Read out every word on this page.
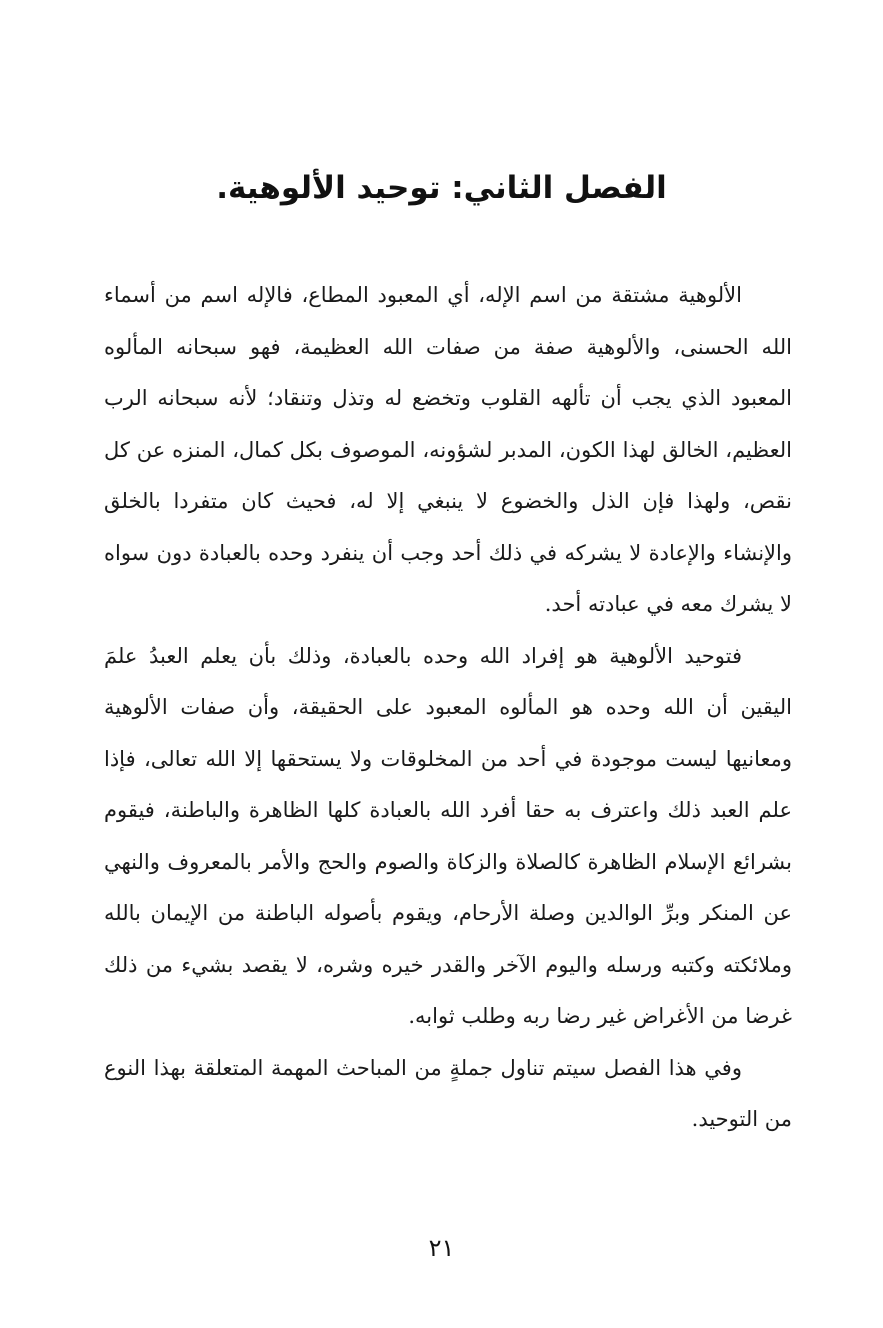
الفصل الثاني: توحيد الألوهية.

الألوهية مشتقة من اسم الإله، أي المعبود المطاع، فالإله اسم من أسماء الله الحسنى، والألوهية صفة من صفات الله العظيمة، فهو سبحانه المألوه المعبود الذي يجب أن تألهه القلوب وتخضع له وتذل وتنقاد؛ لأنه سبحانه الرب العظيم، الخالق لهذا الكون، المدبر لشؤونه، الموصوف بكل كمال، المنزه عن كل نقص، ولهذا فإن الذل والخضوع لا ينبغي إلا له، فحيث كان متفردا بالخلق والإنشاء والإعادة لا يشركه في ذلك أحد وجب أن ينفرد وحده بالعبادة دون سواه لا يشرك معه في عبادته أحد.

فتوحيد الألوهية هو إفراد الله وحده بالعبادة، وذلك بأن يعلم العبدُ علمَ اليقين أن الله وحده هو المألوه المعبود على الحقيقة، وأن صفات الألوهية ومعانيها ليست موجودة في أحد من المخلوقات ولا يستحقها إلا الله تعالى، فإذا علم العبد ذلك واعترف به حقا أفرد الله بالعبادة كلها الظاهرة والباطنة، فيقوم بشرائع الإسلام الظاهرة كالصلاة والزكاة والصوم والحج والأمر بالمعروف والنهي عن المنكر وبرِّ الوالدين وصلة الأرحام، ويقوم بأصوله الباطنة من الإيمان بالله وملائكته وكتبه ورسله واليوم الآخر والقدر خيره وشره، لا يقصد بشيء من ذلك غرضا من الأغراض غير رضا ربه وطلب ثوابه.

وفي هذا الفصل سيتم تناول جملةٍ من المباحث المهمة المتعلقة بهذا النوع من التوحيد.

٢١
